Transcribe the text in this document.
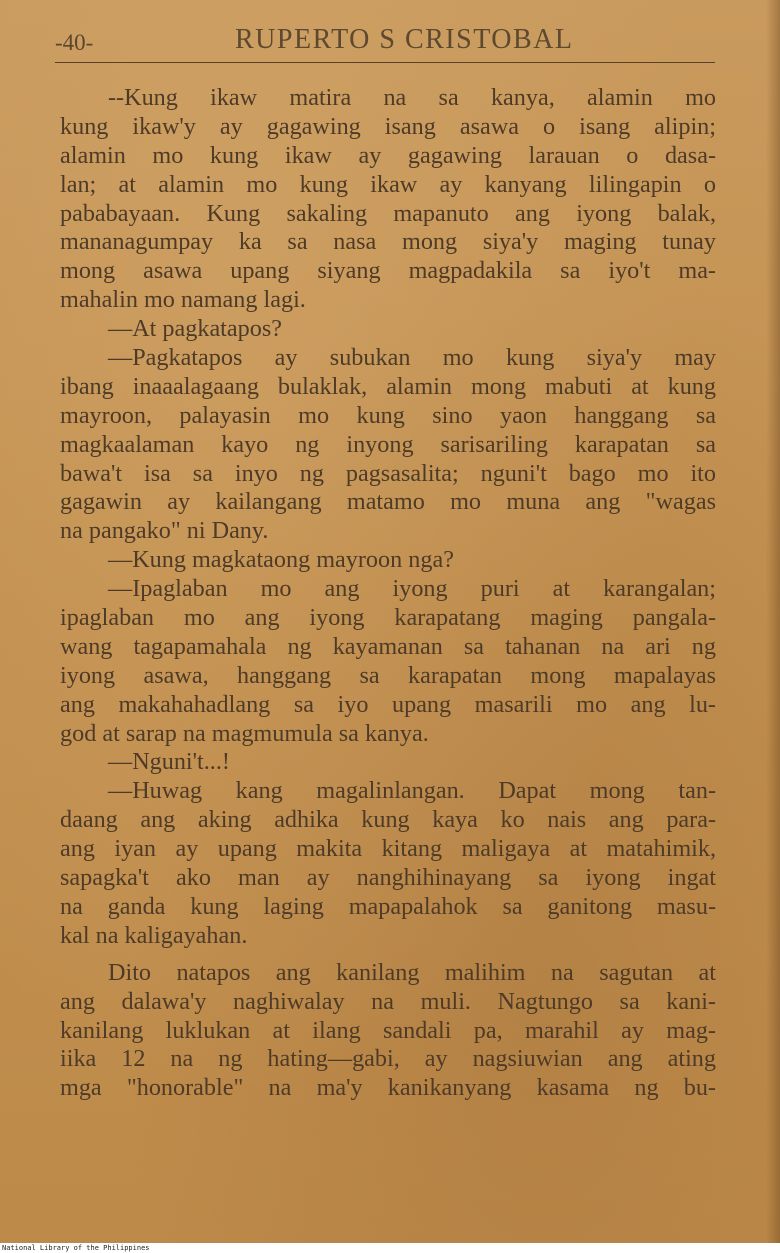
-40-	RUPERTO S CRISTOBAL
--Kung ikaw matira na sa kanya, alamin mo
kung ikaw'y ay gagawing isang asawa o isang alipin;
alamin mo kung ikaw ay gagawing larauan o dasa-
lan; at alamin mo kung ikaw ay kanyang lilingapin o
pababayaan. Kung sakaling mapanuto ang iyong balak,
mananagumpay ka sa nasa mong siya'y maging tunay
mong asawa upang siyang magpadakila sa iyo't ma-
mahalin mo namang lagi.
—At pagkatapos?
—Pagkatapos ay subukan mo kung siya'y may
ibang inaaalagaang bulaklak, alamin mong mabuti at kung
mayroon, palayasin mo kung sino yaon hanggang sa
magkaalaman kayo ng inyong sarisariling karapatan sa
bawa't isa sa inyo ng pagsasalita; nguni't bago mo ito
gagawin ay kailangang matamo mo muna ang "wagas
na pangako" ni Dany.
—Kung magkataong mayroon nga?
—Ipaglaban mo ang iyong puri at karangalan;
ipaglaban mo ang iyong karapatang maging pangala-
wang tagapamahala ng kayamanan sa tahanan na ari ng
iyong asawa, hanggang sa karapatan mong mapalayas
ang makahahadlang sa iyo upang masarili mo ang lu-
god at sarap na magmumula sa kanya.
—Nguni't...!
—Huwag kang magalinlangan. Dapat mong tan-
daang ang aking adhika kung kaya ko nais ang para-
ang iyan ay upang makita kitang maligaya at matahimik,
sapagka't ako man ay nanghihinayang sa iyong ingat
na ganda kung laging mapapalahok sa ganitong masu-
kal na kaligayahan.
Dito natapos ang kanilang malihim na sagutan at
ang dalawa'y naghiwalay na muli. Nagtungo sa kani-
kanilang luklukan at ilang sandali pa, marahil ay mag-
iika 12 na ng hating—gabi, ay nagsiuwian ang ating
mga "honorable" na ma'y kanikanyang kasama ng bu-
National Library of the Philippines
